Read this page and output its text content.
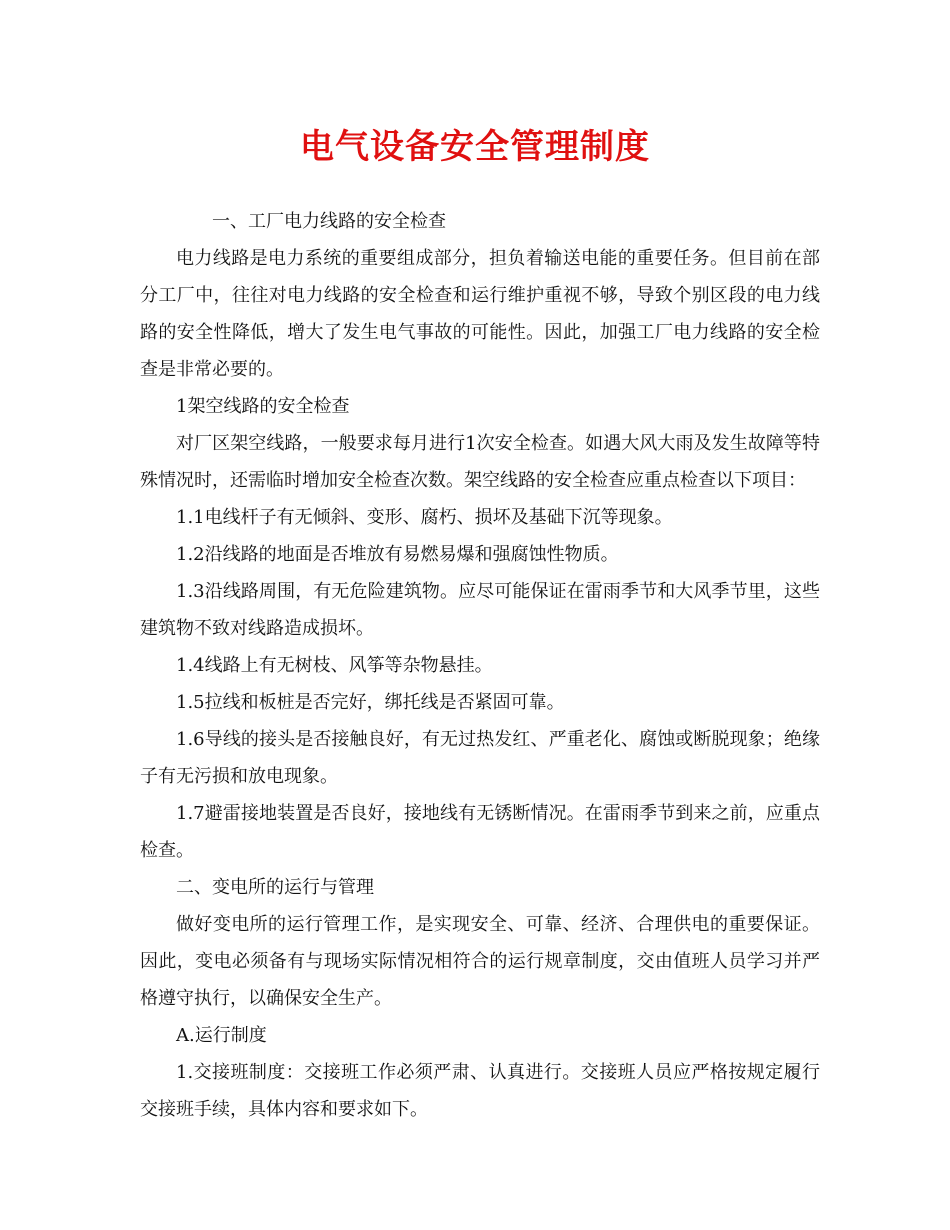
电气设备安全管理制度

一、工厂电力线路的安全检查

电力线路是电力系统的重要组成部分，担负着输送电能的重要任务。但目前在部分工厂中，往往对电力线路的安全检查和运行维护重视不够，导致个别区段的电力线路的安全性降低，增大了发生电气事故的可能性。因此，加强工厂电力线路的安全检查是非常必要的。

1架空线路的安全检查

对厂区架空线路，一般要求每月进行1次安全检查。如遇大风大雨及发生故障等特殊情况时，还需临时增加安全检查次数。架空线路的安全检查应重点检查以下项目：

1.1电线杆子有无倾斜、变形、腐朽、损坏及基础下沉等现象。

1.2沿线路的地面是否堆放有易燃易爆和强腐蚀性物质。

1.3沿线路周围，有无危险建筑物。应尽可能保证在雷雨季节和大风季节里，这些建筑物不致对线路造成损坏。

1.4线路上有无树枝、风筝等杂物悬挂。

1.5拉线和板桩是否完好，绑托线是否紧固可靠。

1.6导线的接头是否接触良好，有无过热发红、严重老化、腐蚀或断脱现象；绝缘子有无污损和放电现象。

1.7避雷接地装置是否良好，接地线有无锈断情况。在雷雨季节到来之前，应重点检查。

二、变电所的运行与管理

做好变电所的运行管理工作，是实现安全、可靠、经济、合理供电的重要保证。因此，变电必须备有与现场实际情况相符合的运行规章制度，交由值班人员学习并严格遵守执行，以确保安全生产。

A.运行制度

1.交接班制度：交接班工作必须严肃、认真进行。交接班人员应严格按规定履行交接班手续，具体内容和要求如下。
